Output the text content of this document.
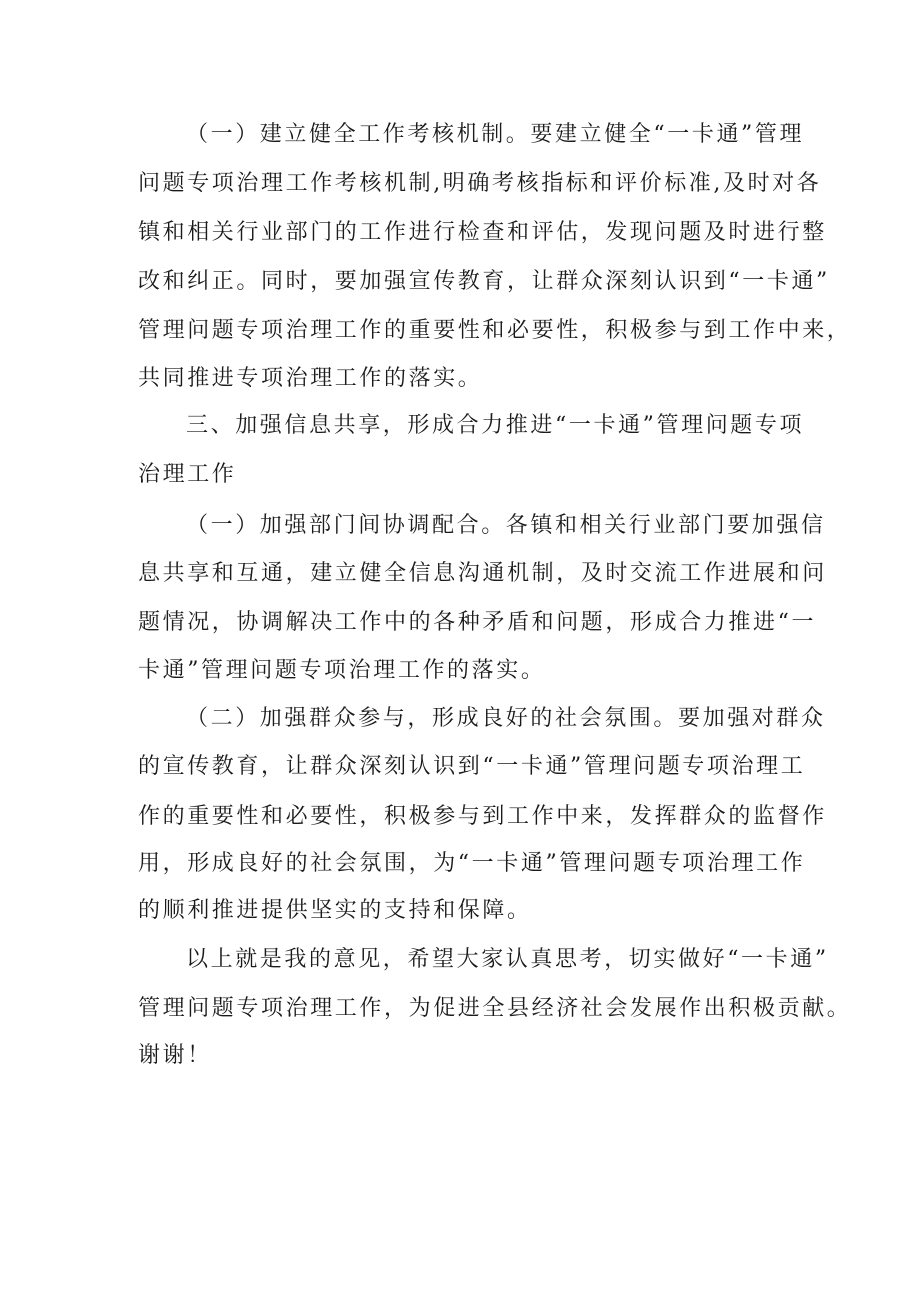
（一）建立健全工作考核机制。要建立健全“一卡通”管理
问题专项治理工作考核机制,明确考核指标和评价标准,及时对各
镇和相关行业部门的工作进行检查和评估，发现问题及时进行整
改和纠正。同时，要加强宣传教育，让群众深刻认识到“一卡通”
管理问题专项治理工作的重要性和必要性，积极参与到工作中来，
共同推进专项治理工作的落实。
三、加强信息共享，形成合力推进“一卡通”管理问题专项
治理工作
（一）加强部门间协调配合。各镇和相关行业部门要加强信
息共享和互通，建立健全信息沟通机制，及时交流工作进展和问
题情况，协调解决工作中的各种矛盾和问题，形成合力推进“一
卡通”管理问题专项治理工作的落实。
（二）加强群众参与，形成良好的社会氛围。要加强对群众
的宣传教育，让群众深刻认识到“一卡通”管理问题专项治理工
作的重要性和必要性，积极参与到工作中来，发挥群众的监督作
用，形成良好的社会氛围，为“一卡通”管理问题专项治理工作
的顺利推进提供坚实的支持和保障。
以上就是我的意见，希望大家认真思考，切实做好“一卡通”
管理问题专项治理工作，为促进全县经济社会发展作出积极贡献。
谢谢！
